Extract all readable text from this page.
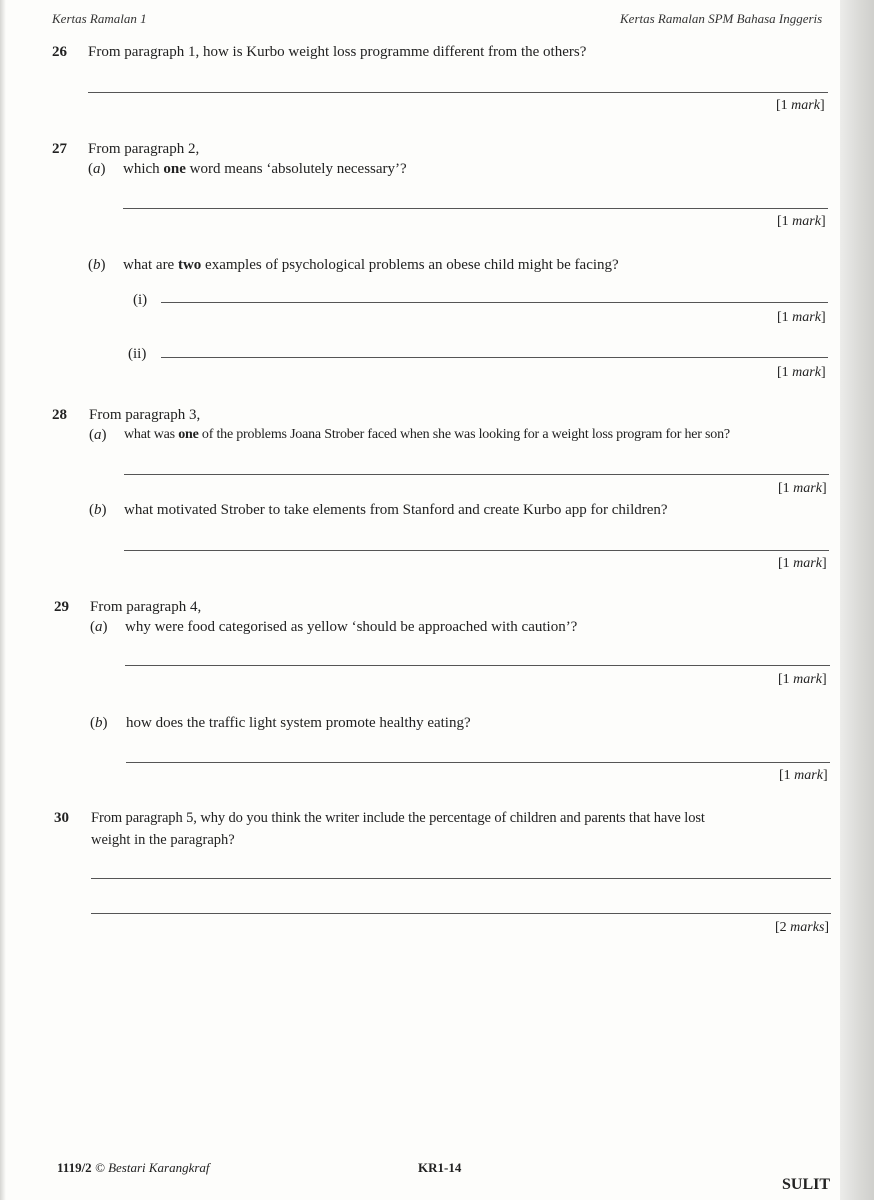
Kertas Ramalan 1	Kertas Ramalan SPM Bahasa Inggeris
26 From paragraph 1, how is Kurbo weight loss programme different from the others?
[1 mark]
27 From paragraph 2,
(a) which one word means ‘absolutely necessary’?
[1 mark]
(b) what are two examples of psychological problems an obese child might be facing?
(i)
[1 mark]
(ii)
[1 mark]
28 From paragraph 3,
(a) what was one of the problems Joana Strober faced when she was looking for a weight loss program for her son?
[1 mark]
(b) what motivated Strober to take elements from Stanford and create Kurbo app for children?
[1 mark]
29 From paragraph 4,
(a) why were food categorised as yellow ‘should be approached with caution’?
[1 mark]
(b) how does the traffic light system promote healthy eating?
[1 mark]
30 From paragraph 5, why do you think the writer include the percentage of children and parents that have lost
weight in the paragraph?
[2 marks]
1119/2 © Bestari Karangkraf	KR1-14
SULIT
